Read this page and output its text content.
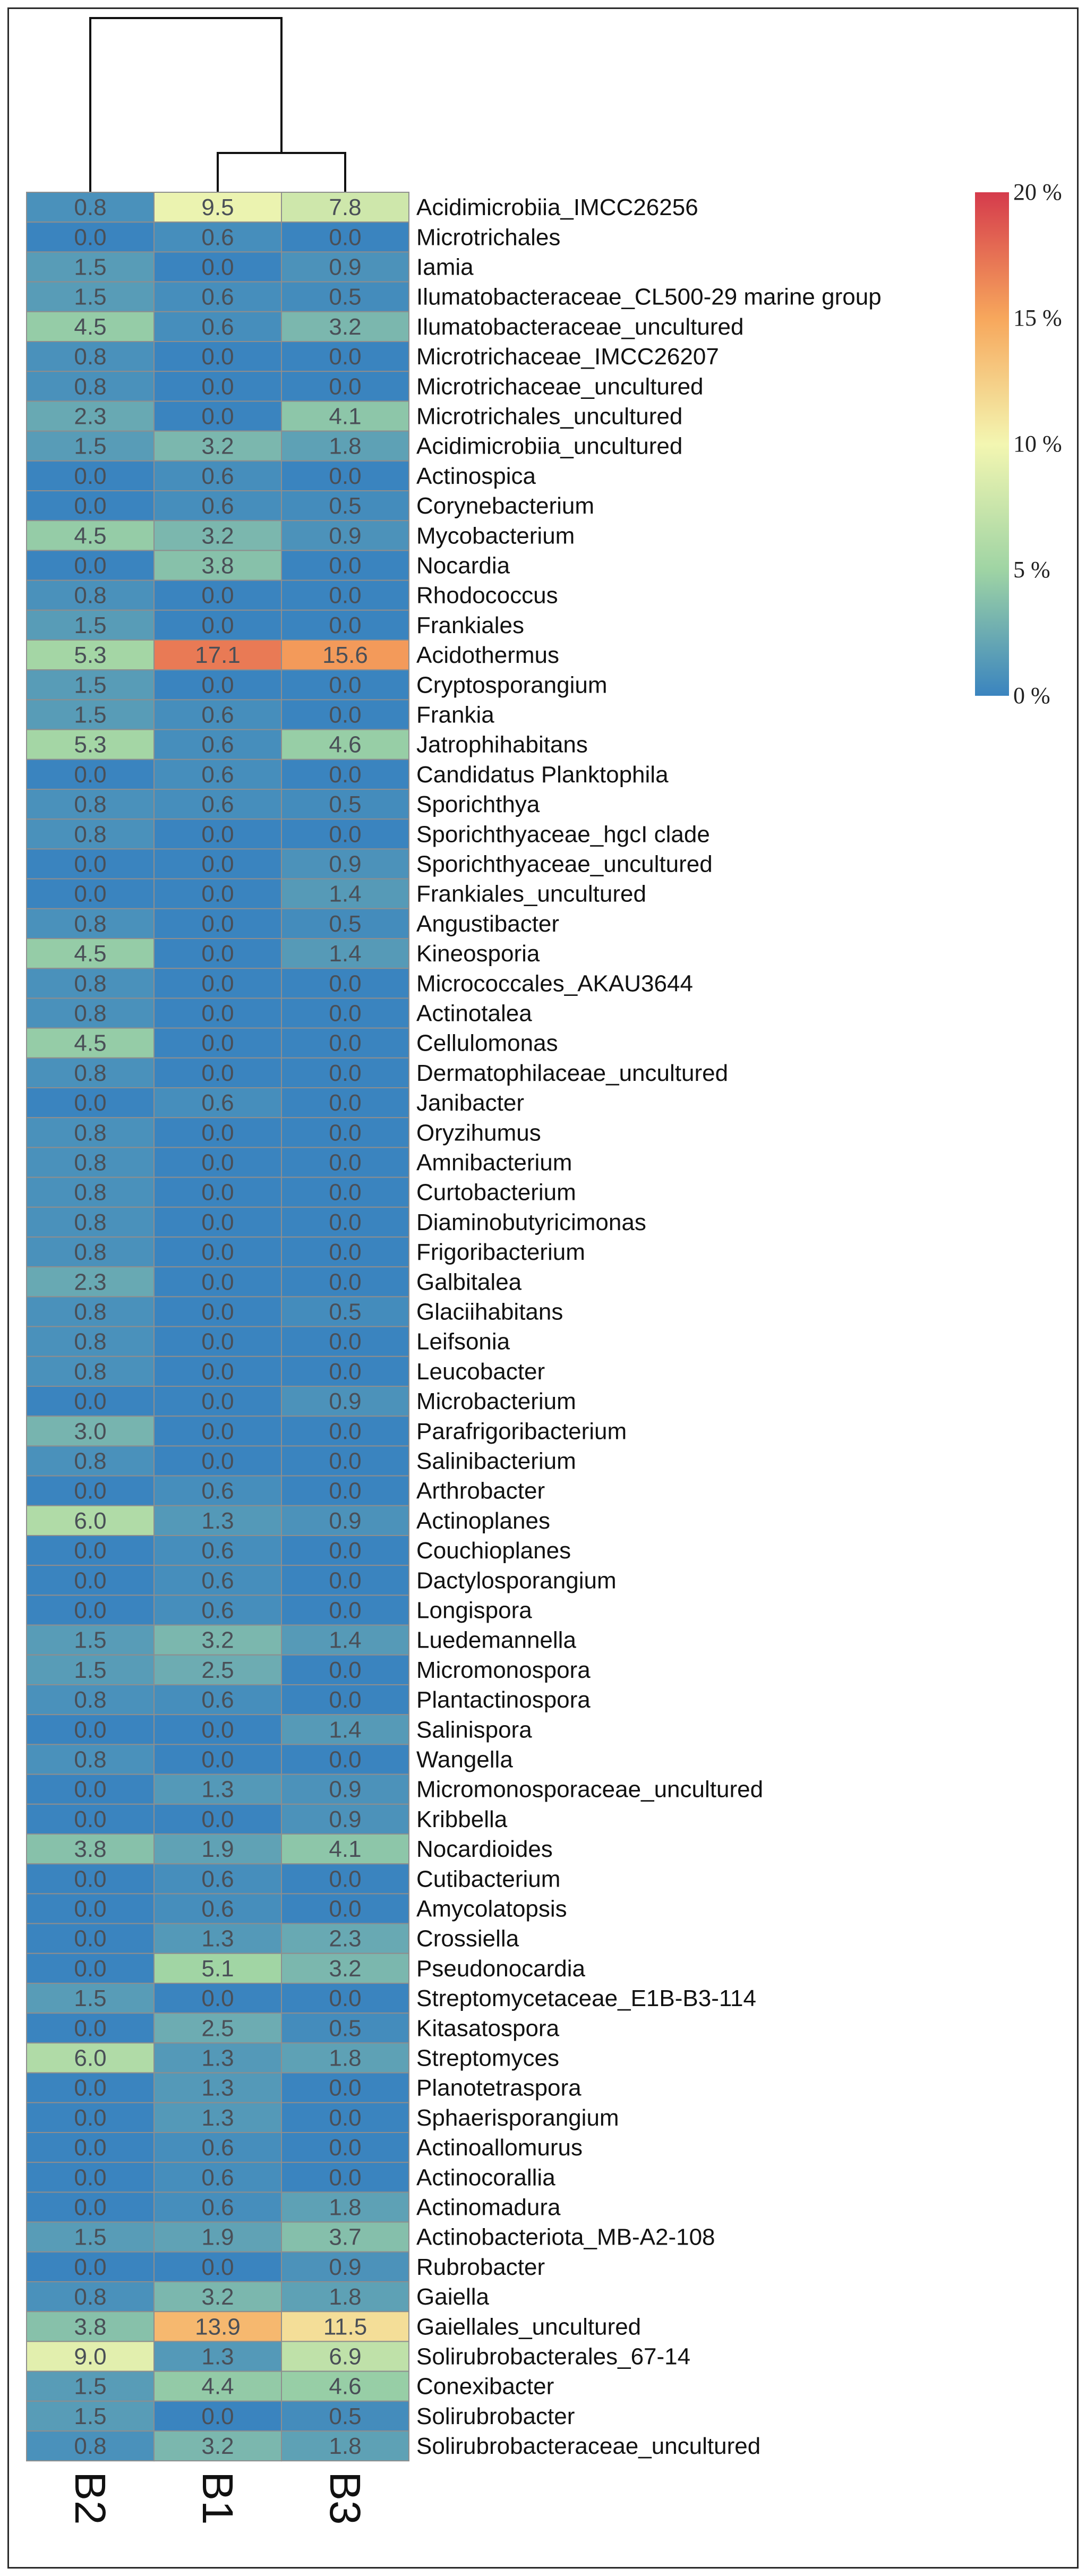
0.8	9.5	7.8 Acidimicrobiia_IMCC26256
0.0	0.6	0.0 Microtrichales
1.5	0.0	0.9 Iamia
1.5	0.6	0.5 Ilumatobacteraceae_CL500-29 marine group
4.5	0.6	3.2 Ilumatobacteraceae_uncultured
0.8	0.0	0.0 Microtrichaceae_IMCC26207
0.8	0.0	0.0 Microtrichaceae_uncultured
2.3	0.0	4.1 Microtrichales_uncultured
1.5	3.2	1.8 Acidimicrobiia_uncultured
0.0	0.6	0.0 Actinospica
0.0	0.6	0.5 Corynebacterium
4.5	3.2	0.9 Mycobacterium
0.0	3.8	0.0 Nocardia
0.8	0.0	0.0 Rhodococcus
1.5	0.0	0.0 Frankiales
5.3	17.1	15.6 Acidothermus
1.5	0.0	0.0 Cryptosporangium
1.5	0.6	0.0 Frankia
5.3	0.6	4.6 Jatrophihabitans
0.0	0.6	0.0 Candidatus Planktophila
0.8	0.6	0.5 Sporichthya
0.8	0.0	0.0 Sporichthyaceae_hgcI clade
0.0	0.0	0.9 Sporichthyaceae_uncultured
0.0	0.0	1.4 Frankiales_uncultured
0.8	0.0	0.5 Angustibacter
4.5	0.0	1.4 Kineosporia
0.8	0.0	0.0 Micrococcales_AKAU3644
0.8	0.0	0.0 Actinotalea
4.5	0.0	0.0 Cellulomonas
0.8	0.0	0.0 Dermatophilaceae_uncultured
0.0	0.6	0.0 Janibacter
0.8	0.0	0.0 Oryzihumus
0.8	0.0	0.0 Amnibacterium
0.8	0.0	0.0 Curtobacterium
0.8	0.0	0.0 Diaminobutyricimonas
0.8	0.0	0.0 Frigoribacterium
2.3	0.0	0.0 Galbitalea
0.8	0.0	0.5 Glaciihabitans
0.8	0.0	0.0 Leifsonia
0.8	0.0	0.0 Leucobacter
0.0	0.0	0.9 Microbacterium
3.0	0.0	0.0 Parafrigoribacterium
0.8	0.0	0.0 Salinibacterium
0.0	0.6	0.0 Arthrobacter
6.0	1.3	0.9 Actinoplanes
0.0	0.6	0.0 Couchioplanes
0.0	0.6	0.0 Dactylosporangium
0.0	0.6	0.0 Longispora
1.5	3.2	1.4 Luedemannella
1.5	2.5	0.0 Micromonospora
0.8	0.6	0.0 Plantactinospora
0.0	0.0	1.4 Salinispora
0.8	0.0	0.0 Wangella
0.0	1.3	0.9 Micromonosporaceae_uncultured
0.0	0.0	0.9 Kribbella
3.8	1.9	4.1 Nocardioides
0.0	0.6	0.0 Cutibacterium
0.0	0.6	0.0 Amycolatopsis
0.0	1.3	2.3 Crossiella
0.0	5.1	3.2 Pseudonocardia
1.5	0.0	0.0 Streptomycetaceae_E1B-B3-114
0.0	2.5	0.5 Kitasatospora
6.0	1.3	1.8 Streptomyces
0.0	1.3	0.0 Planotetraspora
0.0	1.3	0.0 Sphaerisporangium
0.0	0.6	0.0 Actinoallomurus
0.0	0.6	0.0 Actinocorallia
0.0	0.6	1.8 Actinomadura
1.5	1.9	3.7 Actinobacteriota_MB-A2-108
0.0	0.0	0.9 Rubrobacter
0.8	3.2	1.8 Gaiella
3.8	13.9	11.5 Gaiellales_uncultured
9.0	1.3	6.9 Solirubrobacterales_67-14
1.5	4.4	4.6 Conexibacter
1.5	0.0	0.5 Solirubrobacter
0.8	3.2	1.8 Solirubrobacteraceae_uncultured
B2 B1 B3
20 %
15 %
10 %
5 %
0 %
